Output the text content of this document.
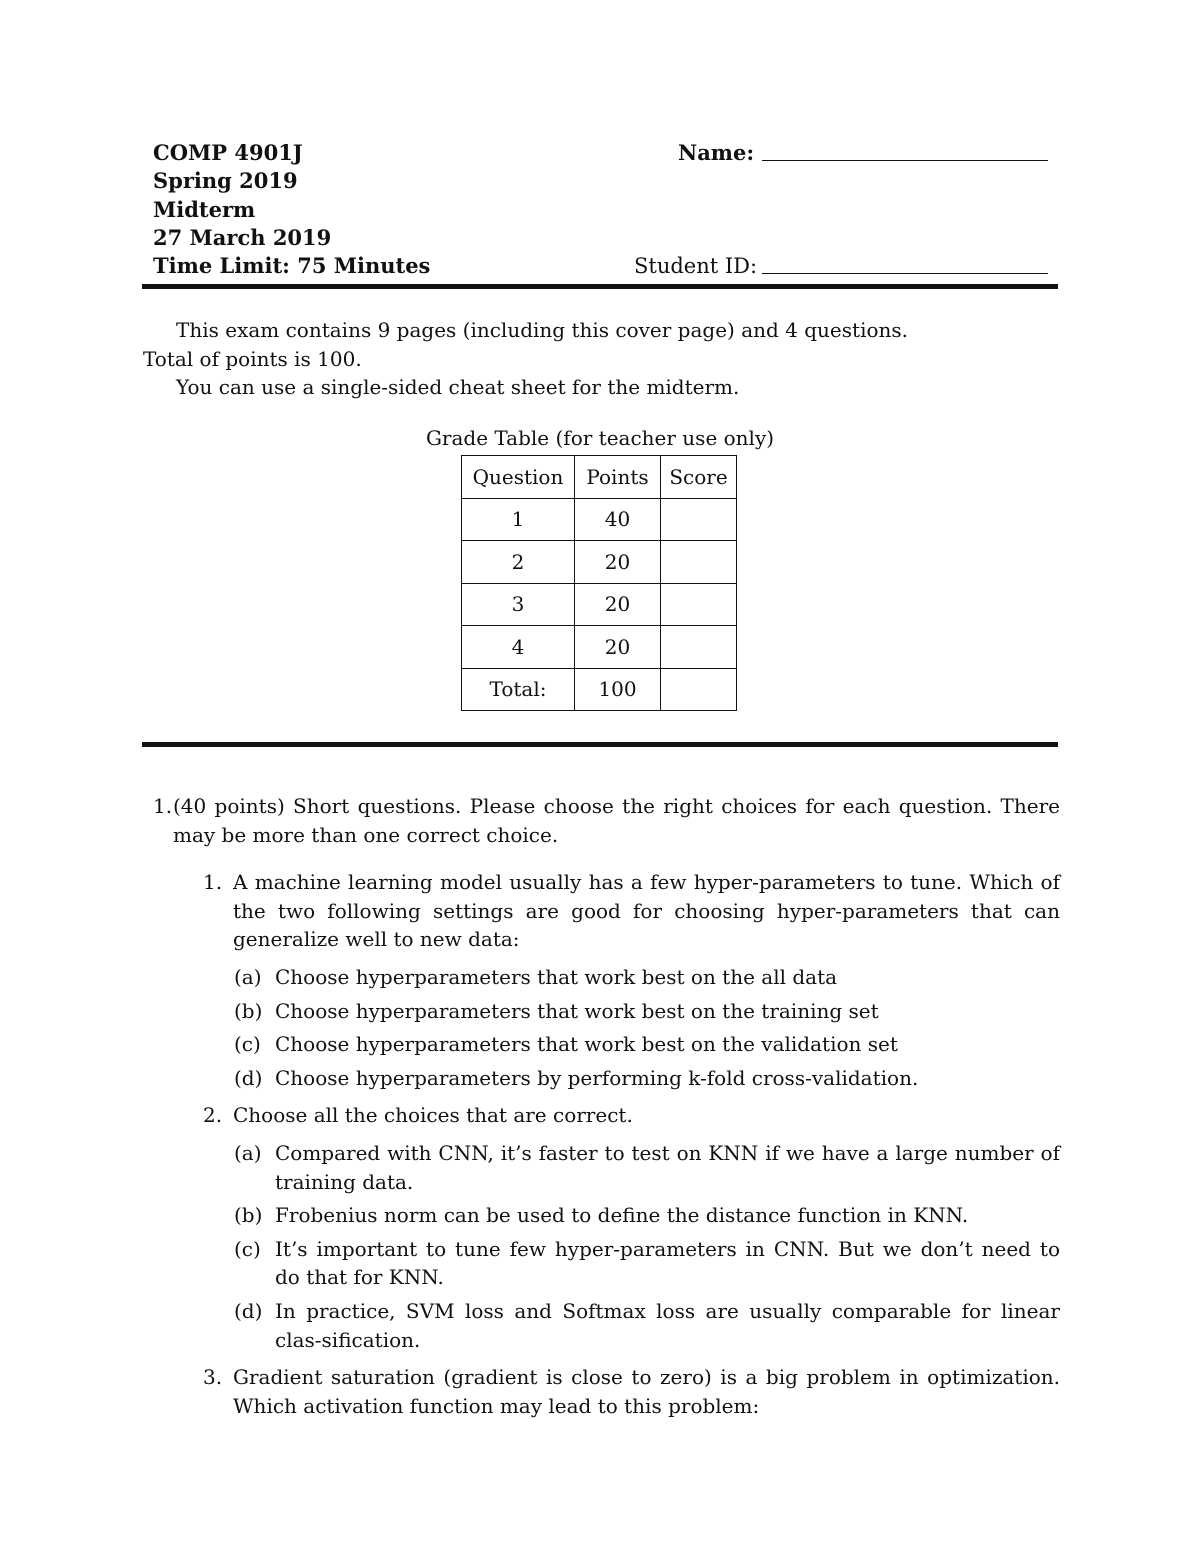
COMP 4901J
Spring 2019
Midterm
27 March 2019
Time Limit: 75 Minutes
Name:
Student ID:
This exam contains 9 pages (including this cover page) and 4 questions.
Total of points is 100.
You can use a single-sided cheat sheet for the midterm.
Grade Table (for teacher use only)
Question	Points	Score
1	40	
2	20	
3	20	
4	20	
Total:	100	
1. (40 points) Short questions. Please choose the right choices for each question. There may be more than one correct choice.
1. A machine learning model usually has a few hyper-parameters to tune. Which of the two following settings are good for choosing hyper-parameters that can generalize well to new data:
(a) Choose hyperparameters that work best on the all data
(b) Choose hyperparameters that work best on the training set
(c) Choose hyperparameters that work best on the validation set
(d) Choose hyperparameters by performing k-fold cross-validation.
2. Choose all the choices that are correct.
(a) Compared with CNN, it’s faster to test on KNN if we have a large number of training data.
(b) Frobenius norm can be used to define the distance function in KNN.
(c) It’s important to tune few hyper-parameters in CNN. But we don’t need to do that for KNN.
(d) In practice, SVM loss and Softmax loss are usually comparable for linear clas-sification.
3. Gradient saturation (gradient is close to zero) is a big problem in optimization. Which activation function may lead to this problem:
